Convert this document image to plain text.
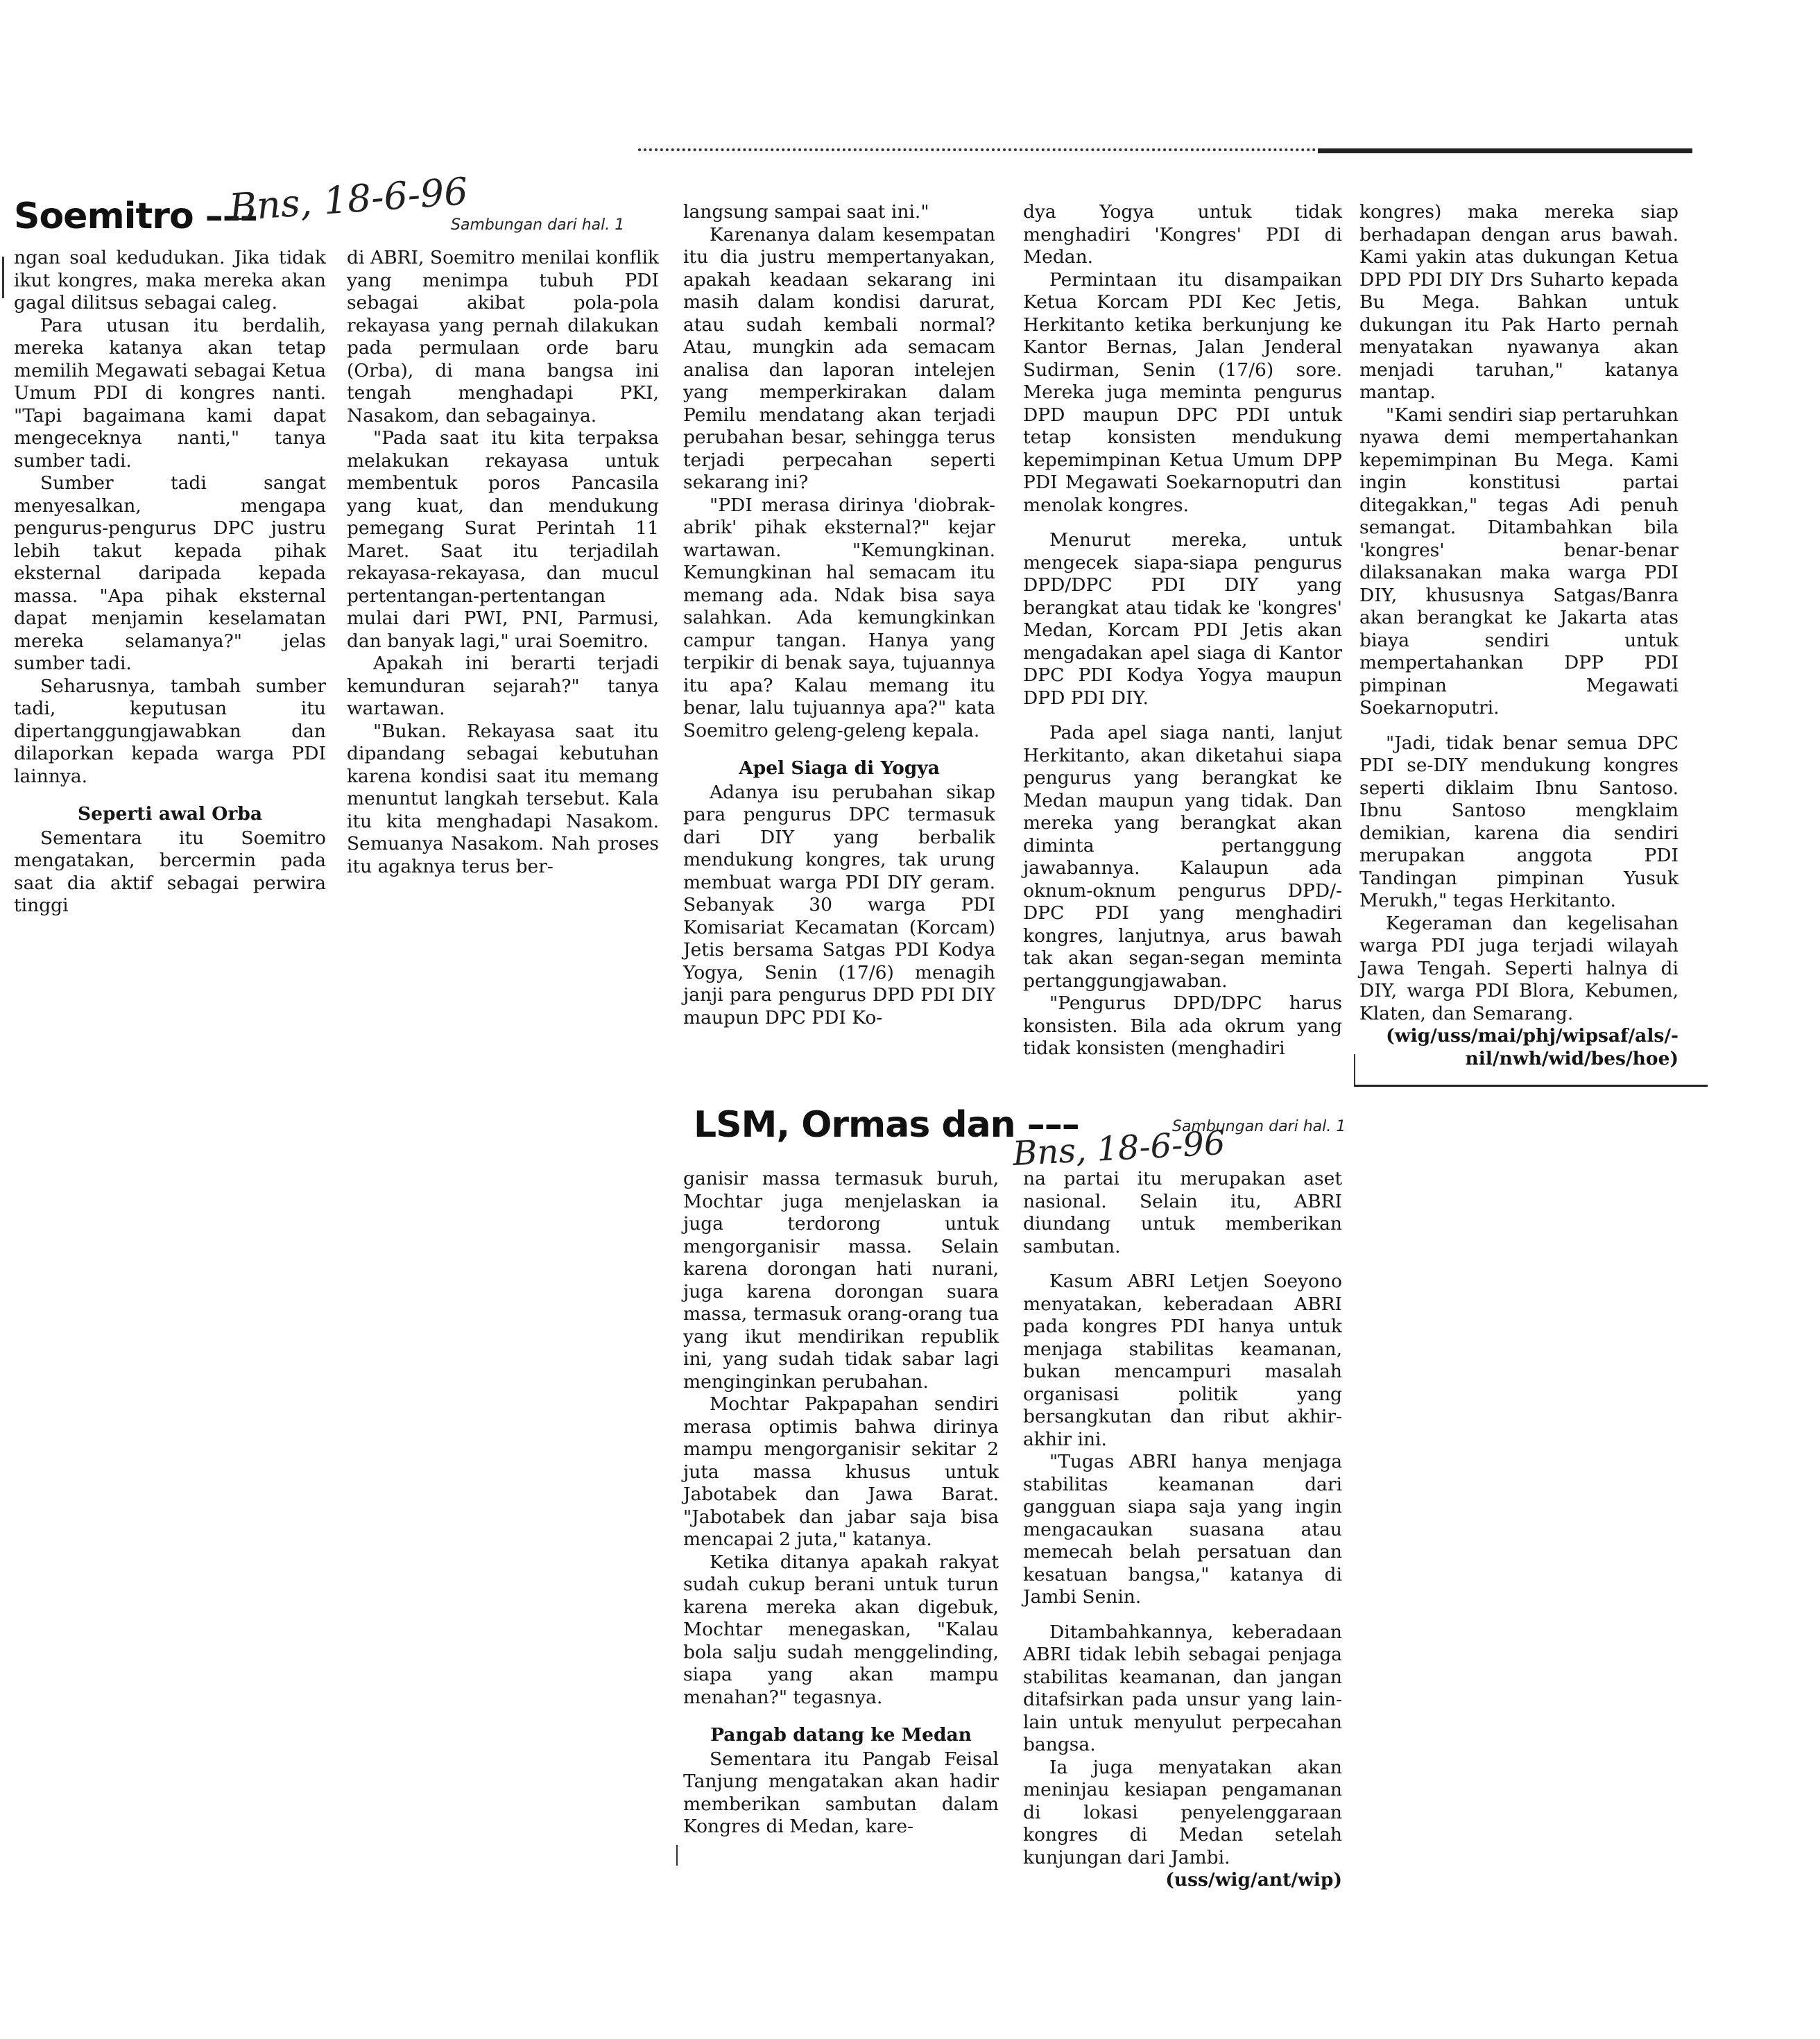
Soemitro –––
Bns, 18-6-96
Sambungan dari hal. 1

ngan soal kedudukan. Jika tidak ikut kongres, maka mereka akan gagal dilitsus sebagai caleg.

Para utusan itu berdalih, mereka katanya akan tetap memilih Megawati sebagai Ketua Umum PDI di kongres nanti. "Tapi bagaimana kami dapat mengeceknya nanti," tanya sumber tadi.

Sumber tadi sangat menyesalkan, mengapa pengurus-pengurus DPC justru lebih takut kepada pihak eksternal daripada kepada massa. "Apa pihak eksternal dapat menjamin keselamatan mereka selamanya?" jelas sumber tadi.

Seharusnya, tambah sumber tadi, keputusan itu dipertanggungjawabkan dan dilaporkan kepada warga PDI lainnya.

Seperti awal Orba

Sementara itu Soemitro mengatakan, bercermin pada saat dia aktif sebagai perwira tinggi

di ABRI, Soemitro menilai konflik yang menimpa tubuh PDI sebagai akibat pola-pola rekayasa yang pernah dilakukan pada permulaan orde baru (Orba), di mana bangsa ini tengah menghadapi PKI, Nasakom, dan sebagainya.

"Pada saat itu kita terpaksa melakukan rekayasa untuk membentuk poros Pancasila yang kuat, dan mendukung pemegang Surat Perintah 11 Maret. Saat itu terjadilah rekayasa-rekayasa, dan mucul pertentangan-pertentangan mulai dari PWI, PNI, Parmusi, dan banyak lagi," urai Soemitro.

Apakah ini berarti terjadi kemunduran sejarah?" tanya wartawan.

"Bukan. Rekayasa saat itu dipandang sebagai kebutuhan karena kondisi saat itu memang menuntut langkah tersebut. Kala itu kita menghadapi Nasakom. Semuanya Nasakom. Nah proses itu agaknya terus ber-

langsung sampai saat ini."

Karenanya dalam kesempatan itu dia justru mempertanyakan, apakah keadaan sekarang ini masih dalam kondisi darurat, atau sudah kembali normal? Atau, mungkin ada semacam analisa dan laporan intelejen yang memperkirakan dalam Pemilu mendatang akan terjadi perubahan besar, sehingga terus terjadi perpecahan seperti sekarang ini?

"PDI merasa dirinya 'diobrak-abrik' pihak eksternal?" kejar wartawan. "Kemungkinan. Kemungkinan hal semacam itu memang ada. Ndak bisa saya salahkan. Ada kemungkinkan campur tangan. Hanya yang terpikir di benak saya, tujuannya itu apa? Kalau memang itu benar, lalu tujuannya apa?" kata Soemitro geleng-geleng kepala.

Apel Siaga di Yogya

Adanya isu perubahan sikap para pengurus DPC termasuk dari DIY yang berbalik mendukung kongres, tak urung membuat warga PDI DIY geram. Sebanyak 30 warga PDI Komisariat Kecamatan (Korcam) Jetis bersama Satgas PDI Kodya Yogya, Senin (17/6) menagih janji para pengurus DPD PDI DIY maupun DPC PDI Ko-

dya Yogya untuk tidak menghadiri 'Kongres' PDI di Medan.

Permintaan itu disampaikan Ketua Korcam PDI Kec Jetis, Herkitanto ketika berkunjung ke Kantor Bernas, Jalan Jenderal Sudirman, Senin (17/6) sore. Mereka juga meminta pengurus DPD maupun DPC PDI untuk tetap konsisten mendukung kepemimpinan Ketua Umum DPP PDI Megawati Soekarnoputri dan menolak kongres.

Menurut mereka, untuk mengecek siapa-siapa pengurus DPD/DPC PDI DIY yang berangkat atau tidak ke 'kongres' Medan, Korcam PDI Jetis akan mengadakan apel siaga di Kantor DPC PDI Kodya Yogya maupun DPD PDI DIY.

Pada apel siaga nanti, lanjut Herkitanto, akan diketahui siapa pengurus yang berangkat ke Medan maupun yang tidak. Dan mereka yang berangkat akan diminta pertanggung jawabannya. Kalaupun ada oknum-oknum pengurus DPD/-DPC PDI yang menghadiri kongres, lanjutnya, arus bawah tak akan segan-segan meminta pertanggungjawaban.

"Pengurus DPD/DPC harus konsisten. Bila ada okrum yang tidak konsisten (menghadiri

kongres) maka mereka siap berhadapan dengan arus bawah. Kami yakin atas dukungan Ketua DPD PDI DIY Drs Suharto kepada Bu Mega. Bahkan untuk dukungan itu Pak Harto pernah menyatakan nyawanya akan menjadi taruhan," katanya mantap.

"Kami sendiri siap pertaruhkan nyawa demi mempertahankan kepemimpinan Bu Mega. Kami ingin konstitusi partai ditegakkan," tegas Adi penuh semangat. Ditambahkan bila 'kongres' benar-benar dilaksanakan maka warga PDI DIY, khususnya Satgas/Banra akan berangkat ke Jakarta atas biaya sendiri untuk mempertahankan DPP PDI pimpinan Megawati Soekarnoputri.

"Jadi, tidak benar semua DPC PDI se-DIY mendukung kongres seperti diklaim Ibnu Santoso. Ibnu Santoso mengklaim demikian, karena dia sendiri merupakan anggota PDI Tandingan pimpinan Yusuk Merukh," tegas Herkitanto.

Kegeraman dan kegelisahan warga PDI juga terjadi wilayah Jawa Tengah. Seperti halnya di DIY, warga PDI Blora, Kebumen, Klaten, dan Semarang.

(wig/uss/mai/phj/wipsaf/als/-nil/nwh/wid/bes/hoe)

LSM, Ormas dan –––
Bns, 18-6-96
Sambungan dari hal. 1

ganisir massa termasuk buruh, Mochtar juga menjelaskan ia juga terdorong untuk mengorganisir massa. Selain karena dorongan hati nurani, juga karena dorongan suara massa, termasuk orang-orang tua yang ikut mendirikan republik ini, yang sudah tidak sabar lagi menginginkan perubahan.

Mochtar Pakpapahan sendiri merasa optimis bahwa dirinya mampu mengorganisir sekitar 2 juta massa khusus untuk Jabotabek dan Jawa Barat. "Jabotabek dan jabar saja bisa mencapai 2 juta," katanya.

Ketika ditanya apakah rakyat sudah cukup berani untuk turun karena mereka akan digebuk, Mochtar menegaskan, "Kalau bola salju sudah menggelinding, siapa yang akan mampu menahan?" tegasnya.

Pangab datang ke Medan

Sementara itu Pangab Feisal Tanjung mengatakan akan hadir memberikan sambutan dalam Kongres di Medan, kare-

na partai itu merupakan aset nasional. Selain itu, ABRI diundang untuk memberikan sambutan.

Kasum ABRI Letjen Soeyono menyatakan, keberadaan ABRI pada kongres PDI hanya untuk menjaga stabilitas keamanan, bukan mencampuri masalah organisasi politik yang bersangkutan dan ribut akhir-akhir ini.

"Tugas ABRI hanya menjaga stabilitas keamanan dari gangguan siapa saja yang ingin mengacaukan suasana atau memecah belah persatuan dan kesatuan bangsa," katanya di Jambi Senin.

Ditambahkannya, keberadaan ABRI tidak lebih sebagai penjaga stabilitas keamanan, dan jangan ditafsirkan pada unsur yang lain-lain untuk menyulut perpecahan bangsa.

Ia juga menyatakan akan meninjau kesiapan pengamanan di lokasi penyelenggaraan kongres di Medan setelah kunjungan dari Jambi.

(uss/wig/ant/wip)
